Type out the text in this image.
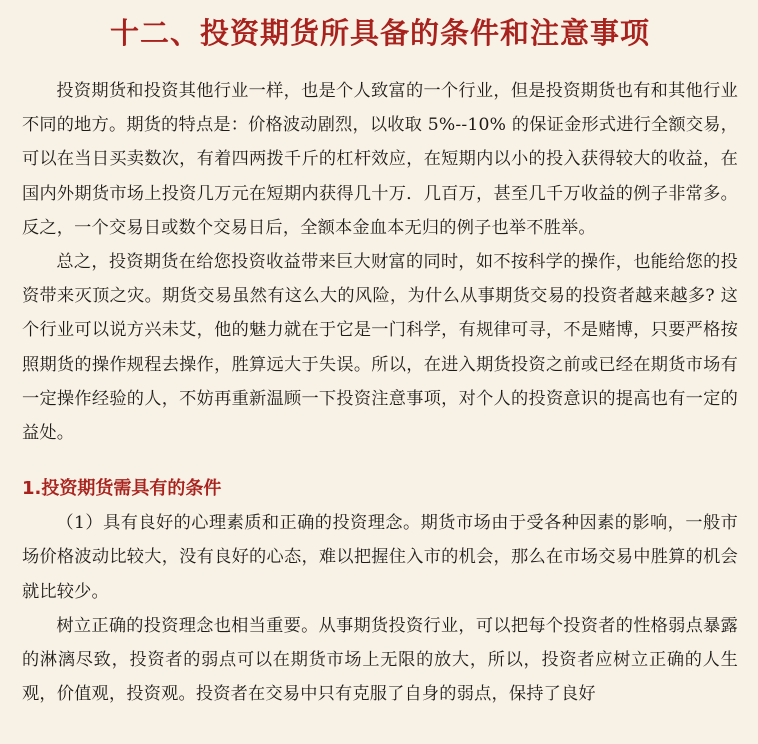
十二、投资期货所具备的条件和注意事项

投资期货和投资其他行业一样，也是个人致富的一个行业，但是投资期货也有和其他行业不同的地方。期货的特点是：价格波动剧烈，以收取 5%--10% 的保证金形式进行全额交易，可以在当日买卖数次，有着四两拨千斤的杠杆效应，在短期内以小的投入获得较大的收益，在国内外期货市场上投资几万元在短期内获得几十万．几百万，甚至几千万收益的例子非常多。反之，一个交易日或数个交易日后，全额本金血本无归的例子也举不胜举。

总之，投资期货在给您投资收益带来巨大财富的同时，如不按科学的操作，也能给您的投资带来灭顶之灾。期货交易虽然有这么大的风险，为什么从事期货交易的投资者越来越多? 这个行业可以说方兴未艾，他的魅力就在于它是一门科学，有规律可寻，不是赌博，只要严格按照期货的操作规程去操作，胜算远大于失误。所以，在进入期货投资之前或已经在期货市场有一定操作经验的人，不妨再重新温顾一下投资注意事项，对个人的投资意识的提高也有一定的益处。

1.投资期货需具有的条件

（1）具有良好的心理素质和正确的投资理念。期货市场由于受各种因素的影响，一般市场价格波动比较大，没有良好的心态，难以把握住入市的机会，那么在市场交易中胜算的机会就比较少。

树立正确的投资理念也相当重要。从事期货投资行业，可以把每个投资者的性格弱点暴露的淋漓尽致，投资者的弱点可以在期货市场上无限的放大，所以，投资者应树立正确的人生观，价值观，投资观。投资者在交易中只有克服了自身的弱点，保持了良好
